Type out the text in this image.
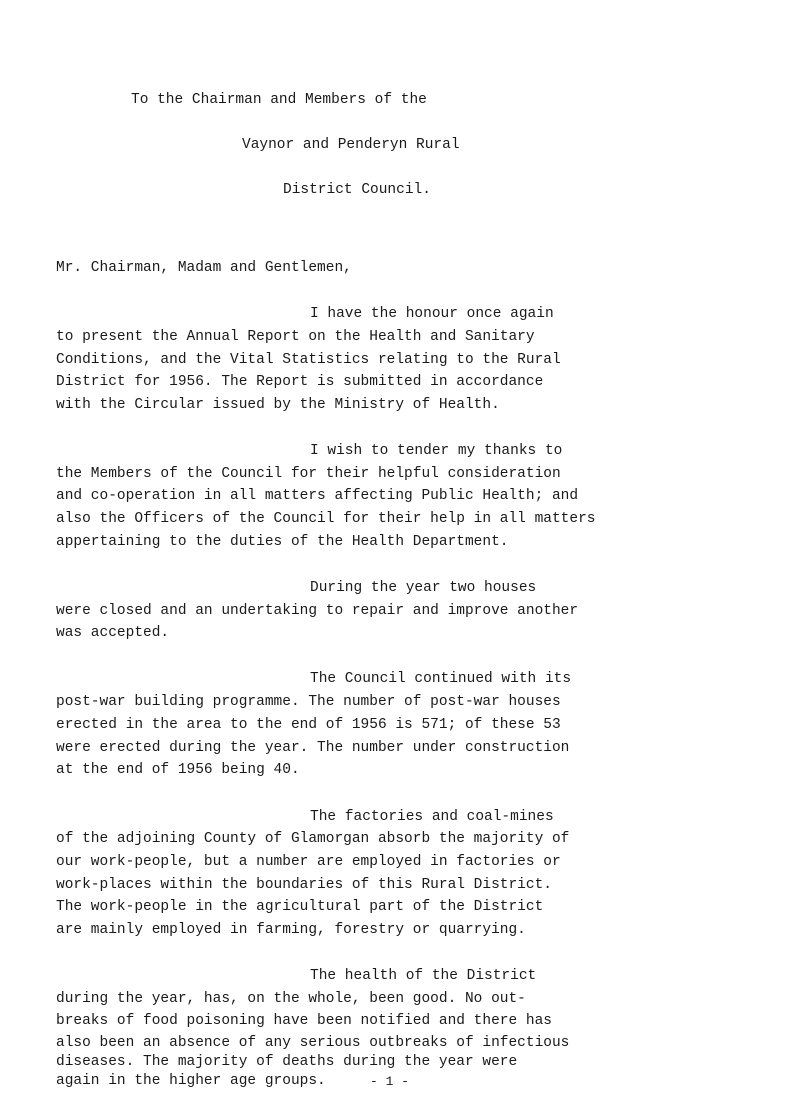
To the Chairman and Members of the

Vaynor and Penderyn Rural

District Council.

Mr. Chairman, Madam and Gentlemen,

I have the honour once again

to present the Annual Report on the Health and Sanitary

Conditions, and the Vital Statistics relating to the Rural

District for 1956. The Report is submitted in accordance

with the Circular issued by the Ministry of Health.

I wish to tender my thanks to

the Members of the Council for their helpful consideration

and co-operation in all matters affecting Public Health; and

also the Officers of the Council for their help in all matters

appertaining to the duties of the Health Department.

During the year two houses

were closed and an undertaking to repair and improve another

was accepted.

The Council continued with its

post-war building programme. The number of post-war houses

erected in the area to the end of 1956 is 571; of these 53

were erected during the year. The number under construction

at the end of 1956 being 40.

The factories and coal-mines

of the adjoining County of Glamorgan absorb the majority of

our work-people, but a number are employed in factories or

work-places within the boundaries of this Rural District.

The work-people in the agricultural part of the District

are mainly employed in farming, forestry or quarrying.

The health of the District

during the year, has, on the whole, been good. No out-

breaks of food poisoning have been notified and there has

also been an absence of any serious outbreaks of infectious

diseases. The majority of deaths during the year were

again in the higher age groups.	- 1 -
